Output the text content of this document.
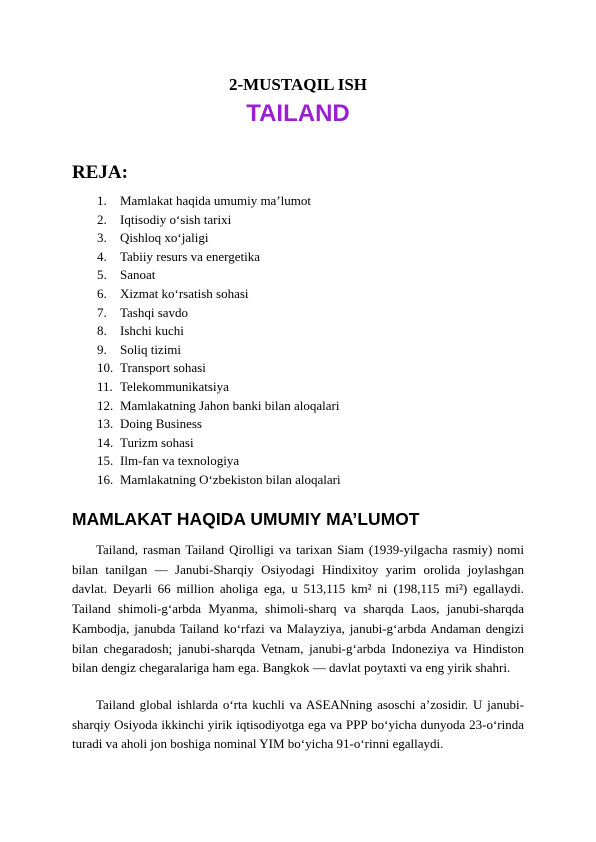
2-MUSTAQIL ISH
TAILAND
REJA:
1. Mamlakat haqida umumiy ma’lumot
2. Iqtisodiy o‘sish tarixi
3. Qishloq xo‘jaligi
4. Tabiiy resurs va energetika
5. Sanoat
6. Xizmat ko‘rsatish sohasi
7. Tashqi savdo
8. Ishchi kuchi
9. Soliq tizimi
10. Transport sohasi
11. Telekommunikatsiya
12. Mamlakatning Jahon banki bilan aloqalari
13. Doing Business
14. Turizm sohasi
15. Ilm-fan va texnologiya
16. Mamlakatning O‘zbekiston bilan aloqalari
MAMLAKAT HAQIDA UMUMIY MA’LUMOT

Tailand, rasman Tailand Qirolligi va tarixan Siam (1939-yilgacha rasmiy) nomi bilan tanilgan — Janubi-Sharqiy Osiyodagi Hindixitoy yarim orolida joylashgan davlat. Deyarli 66 million aholiga ega, u 513,115 km² ni (198,115 mi²) egallaydi. Tailand shimoli-g‘arbda Myanma, shimoli-sharq va sharqda Laos, janubi-sharqda Kambodja, janubda Tailand ko‘rfazi va Malayziya, janubi-g‘arbda Andaman dengizi bilan chegaradosh; janubi-sharqda Vetnam, janubi-g‘arbda Indoneziya va Hindiston bilan dengiz chegaralariga ham ega. Bangkok — davlat poytaxti va eng yirik shahri.

Tailand global ishlarda o‘rta kuchli va ASEANning asoschi a’zosidir. U janubi-sharqiy Osiyoda ikkinchi yirik iqtisodiyotga ega va PPP bo‘yicha dunyoda 23-o‘rinda turadi va aholi jon boshiga nominal YIM bo‘yicha 91-o‘rinni egallaydi.
